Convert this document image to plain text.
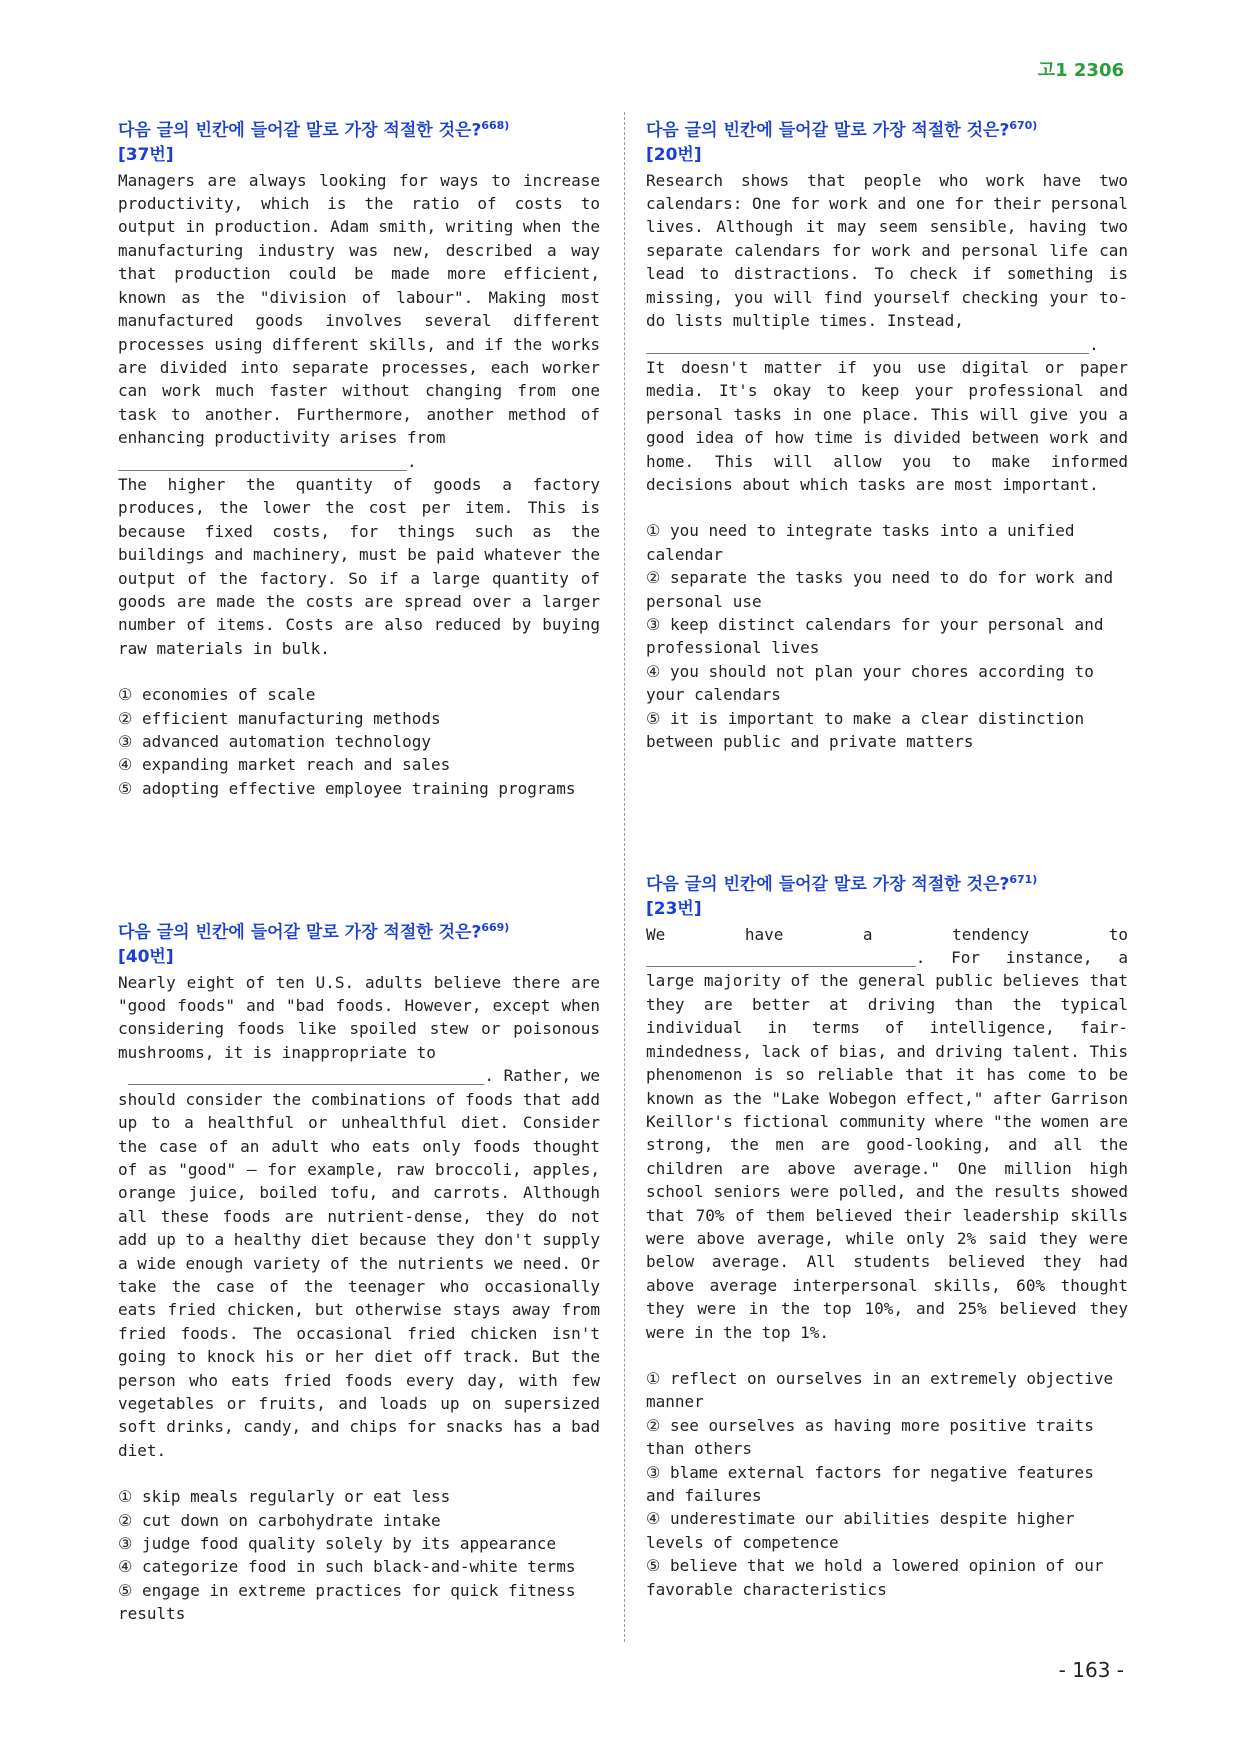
고1 2306
다음 글의 빈칸에 들어갈 말로 가장 적절한 것은?$^{668)}$
[37번]
Managers are always looking for ways to increase productivity, which is the ratio of costs to output in production. Adam smith, writing when the manufacturing industry was new, described a way that production could be made more efficient, known as the "division of labour". Making most manufactured goods involves several different processes using different skills, and if the works are divided into separate processes, each worker can work much faster without changing from one task to another. Furthermore, another method of enhancing productivity arises from
______________________________.
The higher the quantity of goods a factory produces, the lower the cost per item. This is because fixed costs, for things such as the buildings and machinery, must be paid whatever the output of the factory. So if a large quantity of goods are made the costs are spread over a larger number of items. Costs are also reduced by buying raw materials in bulk.
① economies of scale
② efficient manufacturing methods
③ advanced automation technology
④ expanding market reach and sales
⑤ adopting effective employee training programs
다음 글의 빈칸에 들어갈 말로 가장 적절한 것은?$^{669)}$
[40번]
Nearly eight of ten U.S. adults believe there are "good foods" and "bad foods. However, except when considering foods like spoiled stew or poisonous mushrooms, it is inappropriate to
_____________________________________. Rather, we
should consider the combinations of foods that add up to a healthful or unhealthful diet. Consider the case of an adult who eats only foods thought of as "good" — for example, raw broccoli, apples, orange juice, boiled tofu, and carrots. Although all these foods are nutrient-dense, they do not add up to a healthy diet because they don't supply a wide enough variety of the nutrients we need. Or take the case of the teenager who occasionally eats fried chicken, but otherwise stays away from fried foods. The occasional fried chicken isn't going to knock his or her diet off track. But the person who eats fried foods every day, with few vegetables or fruits, and loads up on supersized soft drinks, candy, and chips for snacks has a bad diet.
① skip meals regularly or eat less
② cut down on carbohydrate intake
③ judge food quality solely by its appearance
④ categorize food in such black-and-white terms
⑤ engage in extreme practices for quick fitness results
다음 글의 빈칸에 들어갈 말로 가장 적절한 것은?$^{670)}$
[20번]
Research shows that people who work have two calendars: One for work and one for their personal lives. Although it may seem sensible, having two separate calendars for work and personal life can lead to distractions. To check if something is missing, you will find yourself checking your to-do lists multiple times. Instead,
______________________________________________.
It doesn't matter if you use digital or paper media. It's okay to keep your professional and personal tasks in one place. This will give you a good idea of how time is divided between work and home. This will allow you to make informed decisions about which tasks are most important.
① you need to integrate tasks into a unified calendar
② separate the tasks you need to do for work and personal use
③ keep distinct calendars for your personal and professional lives
④ you should not plan your chores according to your calendars
⑤ it is important to make a clear distinction between public and private matters
다음 글의 빈칸에 들어갈 말로 가장 적절한 것은?$^{671)}$
[23번]
We have a tendency to ____________________________. For instance, a large majority of the general public believes that they are better at driving than the typical individual in terms of intelligence, fair-mindedness, lack of bias, and driving talent. This phenomenon is so reliable that it has come to be known as the "Lake Wobegon effect," after Garrison Keillor's fictional community where "the women are strong, the men are good-looking, and all the children are above average." One million high school seniors were polled, and the results showed that 70% of them believed their leadership skills were above average, while only 2% said they were below average. All students believed they had above average interpersonal skills, 60% thought they were in the top 10%, and 25% believed they were in the top 1%.
① reflect on ourselves in an extremely objective manner
② see ourselves as having more positive traits than others
③ blame external factors for negative features and failures
④ underestimate our abilities despite higher levels of competence
⑤ believe that we hold a lowered opinion of our favorable characteristics
- 163 -
